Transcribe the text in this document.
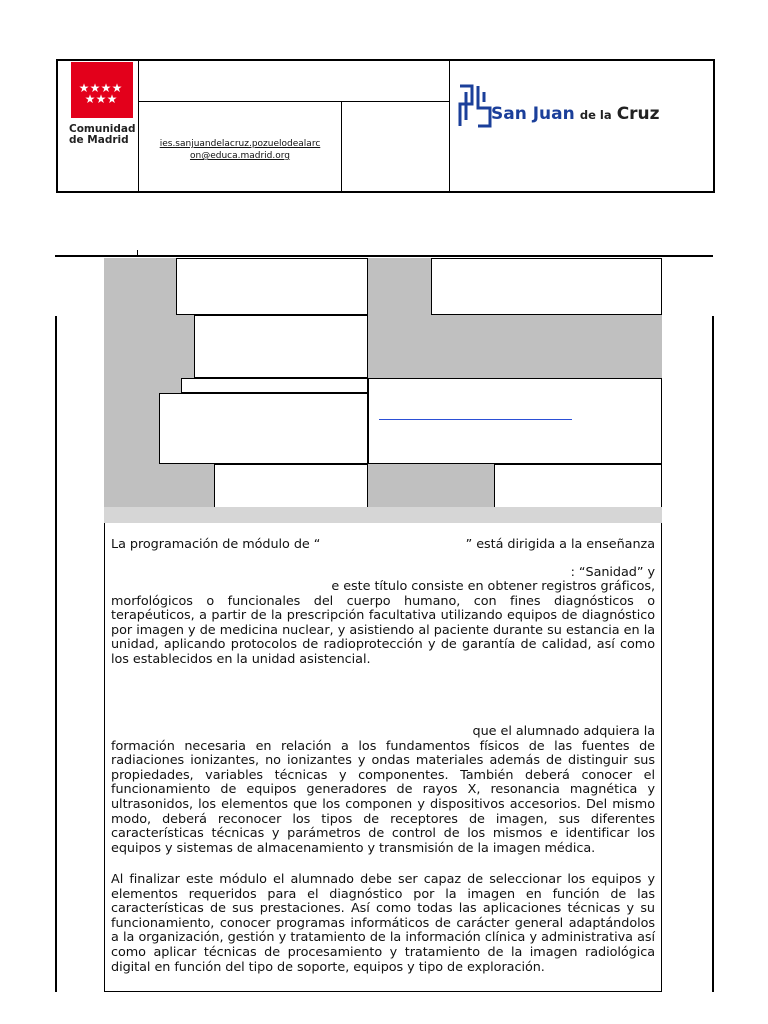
★ ★ ★ ★
★ ★ ★
Comunidad
de Madrid	ies.sanjuandelacruz.pozuelodealarc
on@educa.madrid.org
San Juan de la Cruz
La programación de módulo de “	” está dirigida a la enseñanza
: “Sanidad” y

e este título consiste en obtener registros gráficos,

morfológicos o funcionales del cuerpo humano, con fines diagnósticos o terapéuticos, a partir de la prescripción facultativa utilizando equipos de diagnóstico por imagen y de medicina nuclear, y asistiendo al paciente durante su estancia en la unidad, aplicando protocolos de radioprotección y de garantía de calidad, así como los establecidos en la unidad asistencial.

que el alumnado adquiera la

formación necesaria en relación a los fundamentos físicos de las fuentes de radiaciones ionizantes, no ionizantes y ondas materiales además de distinguir sus propiedades, variables técnicas y componentes. También deberá conocer el funcionamiento de equipos generadores de rayos X, resonancia magnética y ultrasonidos, los elementos que los componen y dispositivos accesorios. Del mismo modo, deberá reconocer los tipos de receptores de imagen, sus diferentes características técnicas y parámetros de control de los mismos e identificar los equipos y sistemas de almacenamiento y transmisión de la imagen médica.

Al finalizar este módulo el alumnado debe ser capaz de seleccionar los equipos y elementos requeridos para el diagnóstico por la imagen en función de las características de sus prestaciones. Así como todas las aplicaciones técnicas y su funcionamiento, conocer programas informáticos de carácter general adaptándolos a la organización, gestión y tratamiento de la información clínica y administrativa así como aplicar técnicas de procesamiento y tratamiento de la imagen radiológica digital en función del tipo de soporte, equipos y tipo de exploración.
